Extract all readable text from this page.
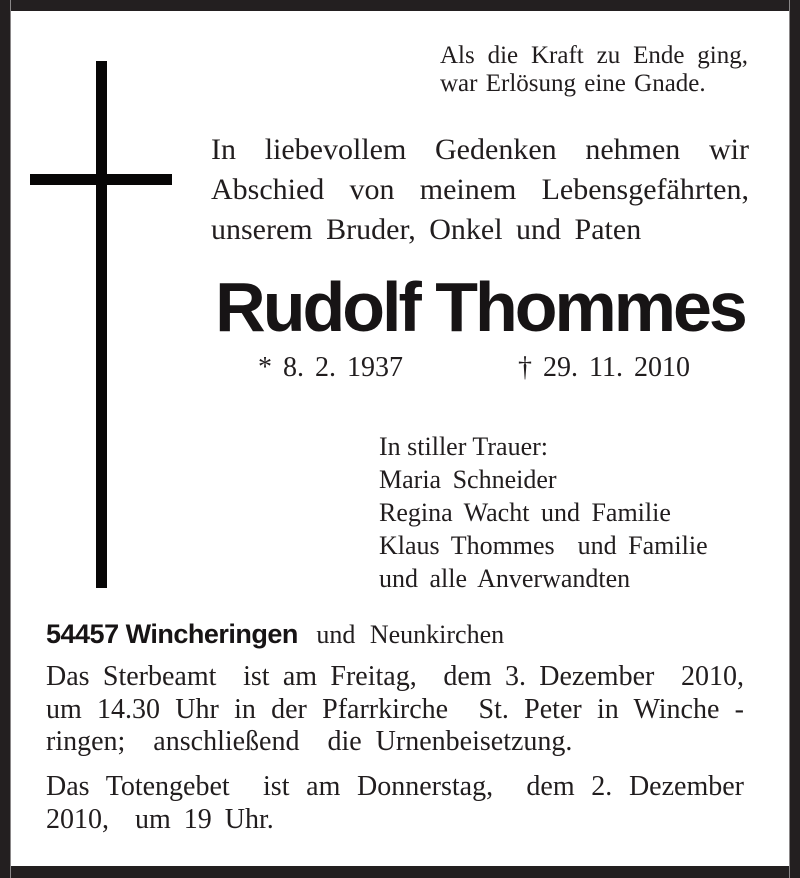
Als die Kraft zu Ende ging,
war Erlösung eine Gnade.
In liebevollem Gedenken nehmen wir
Abschied von meinem Lebensgefährten,
unserem Bruder, Onkel und Paten
Rudolf Thommes
* 8. 2. 1937	† 29. 11. 2010
In stiller Trauer:
Maria Schneider
Regina Wacht und Familie
Klaus Thommes  und Familie
und alle Anverwandten
54457 Wincheringen und Neunkirchen
Das Sterbeamt  ist am Freitag,  dem 3. Dezember  2010,
um 14.30 Uhr in der Pfarrkirche  St. Peter in Winche -
ringen;  anschließend  die Urnenbeisetzung.
Das Totengebet  ist am Donnerstag,  dem 2. Dezember
2010,  um 19 Uhr.
